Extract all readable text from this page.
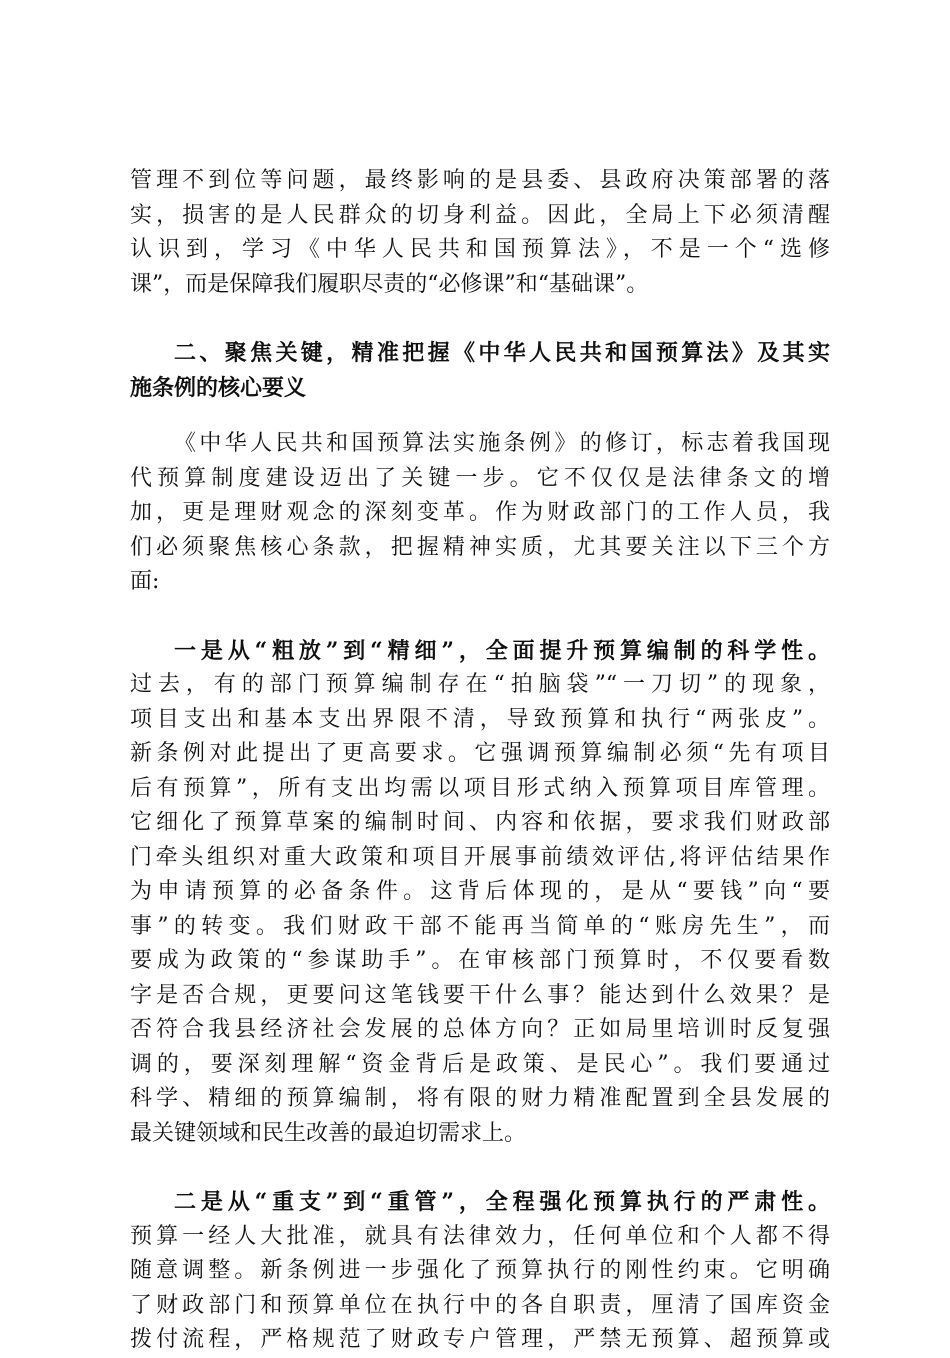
管理不到位等问题，最终影响的是县委、县政府决策部署的落
实，损害的是人民群众的切身利益。因此，全局上下必须清醒
认识到，学习《中华人民共和国预算法》，不是一个“选修
课”，而是保障我们履职尽责的“必修课”和“基础课”。
二、聚焦关键，精准把握《中华人民共和国预算法》及其实
施条例的核心要义
《中华人民共和国预算法实施条例》的修订，标志着我国现
代预算制度建设迈出了关键一步。它不仅仅是法律条文的增
加，更是理财观念的深刻变革。作为财政部门的工作人员，我
们必须聚焦核心条款，把握精神实质，尤其要关注以下三个方
面:
一是从“粗放”到“精细”，全面提升预算编制的科学性。
过去，有的部门预算编制存在“拍脑袋”“一刀切”的现象，
项目支出和基本支出界限不清，导致预算和执行“两张皮”。
新条例对此提出了更高要求。它强调预算编制必须“先有项目
后有预算”，所有支出均需以项目形式纳入预算项目库管理。
它细化了预算草案的编制时间、内容和依据，要求我们财政部
门牵头组织对重大政策和项目开展事前绩效评估,将评估结果作
为申请预算的必备条件。这背后体现的，是从“要钱”向“要
事”的转变。我们财政干部不能再当简单的“账房先生”，而
要成为政策的“参谋助手”。在审核部门预算时，不仅要看数
字是否合规，更要问这笔钱要干什么事？能达到什么效果？是
否符合我县经济社会发展的总体方向？正如局里培训时反复强
调的，要深刻理解“资金背后是政策、是民心”。我们要通过
科学、精细的预算编制，将有限的财力精准配置到全县发展的
最关键领域和民生改善的最迫切需求上。
二是从“重支”到“重管”，全程强化预算执行的严肃性。
预算一经人大批准，就具有法律效力，任何单位和个人都不得
随意调整。新条例进一步强化了预算执行的刚性约束。它明确
了财政部门和预算单位在执行中的各自职责，厘清了国库资金
拨付流程，严格规范了财政专户管理，严禁无预算、超预算或
